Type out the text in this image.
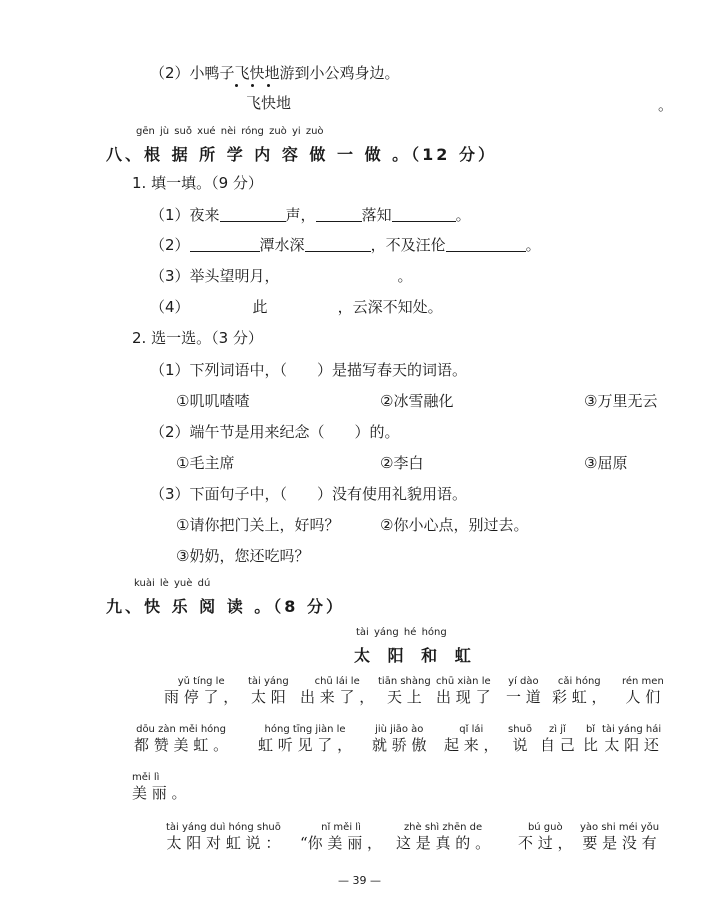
（2）小鸭子飞快地游到小公鸡身边。
飞快地	。
gēn jù suǒ xué nèi róng zuò yi zuò
八、根 据 所 学 内 容 做 一 做 。（12 分）
1. 填一填。（9 分）
（1）夜来	声，	落知	。
（2）	潭水深	，不及汪伦	。
（3）举头望明月，	。
（4）	此	，云深不知处。
2. 选一选。（3 分）
（1）下列词语中，（　　）是描写春天的词语。
①叽叽喳喳	②冰雪融化	③万里无云
（2）端午节是用来纪念（　　）的。
①毛主席	②李白	③屈原
（3）下面句子中，（　　）没有使用礼貌用语。
①请你把门关上，好吗？	②你小心点，别过去。
③奶奶，您还吃吗？
kuài lè yuè dú
九、快 乐 阅 读 。（8 分）
tài yáng hé hóng
太 阳 和 虹
yǔ tíng le
雨 停 了 ，
tài yáng
太 阳
chū lái le
出 来 了 ，
tiān shàng
天 上
chū xiàn le
出 现 了
yí dào
一 道
cǎi hóng
彩 虹 ，
rén men
人 们
dōu zàn měi hóng
都 赞 美 虹 。
hóng tīng jiàn le
虹 听 见 了 ，
jiù jiāo ào
就 骄 傲
qǐ lái
起 来 ，
shuō
说
zì jǐ
自 己
bǐ
比
tài yáng hái
太 阳 还
měi lì
美 丽 。
tài yáng duì hóng shuō
太 阳 对 虹 说 ：
nǐ měi lì
“你 美 丽 ，
zhè shì zhēn de
这 是 真 的 。
bú guò
不 过 ，
yào shi méi yǒu
要 是 没 有
— 39 —
